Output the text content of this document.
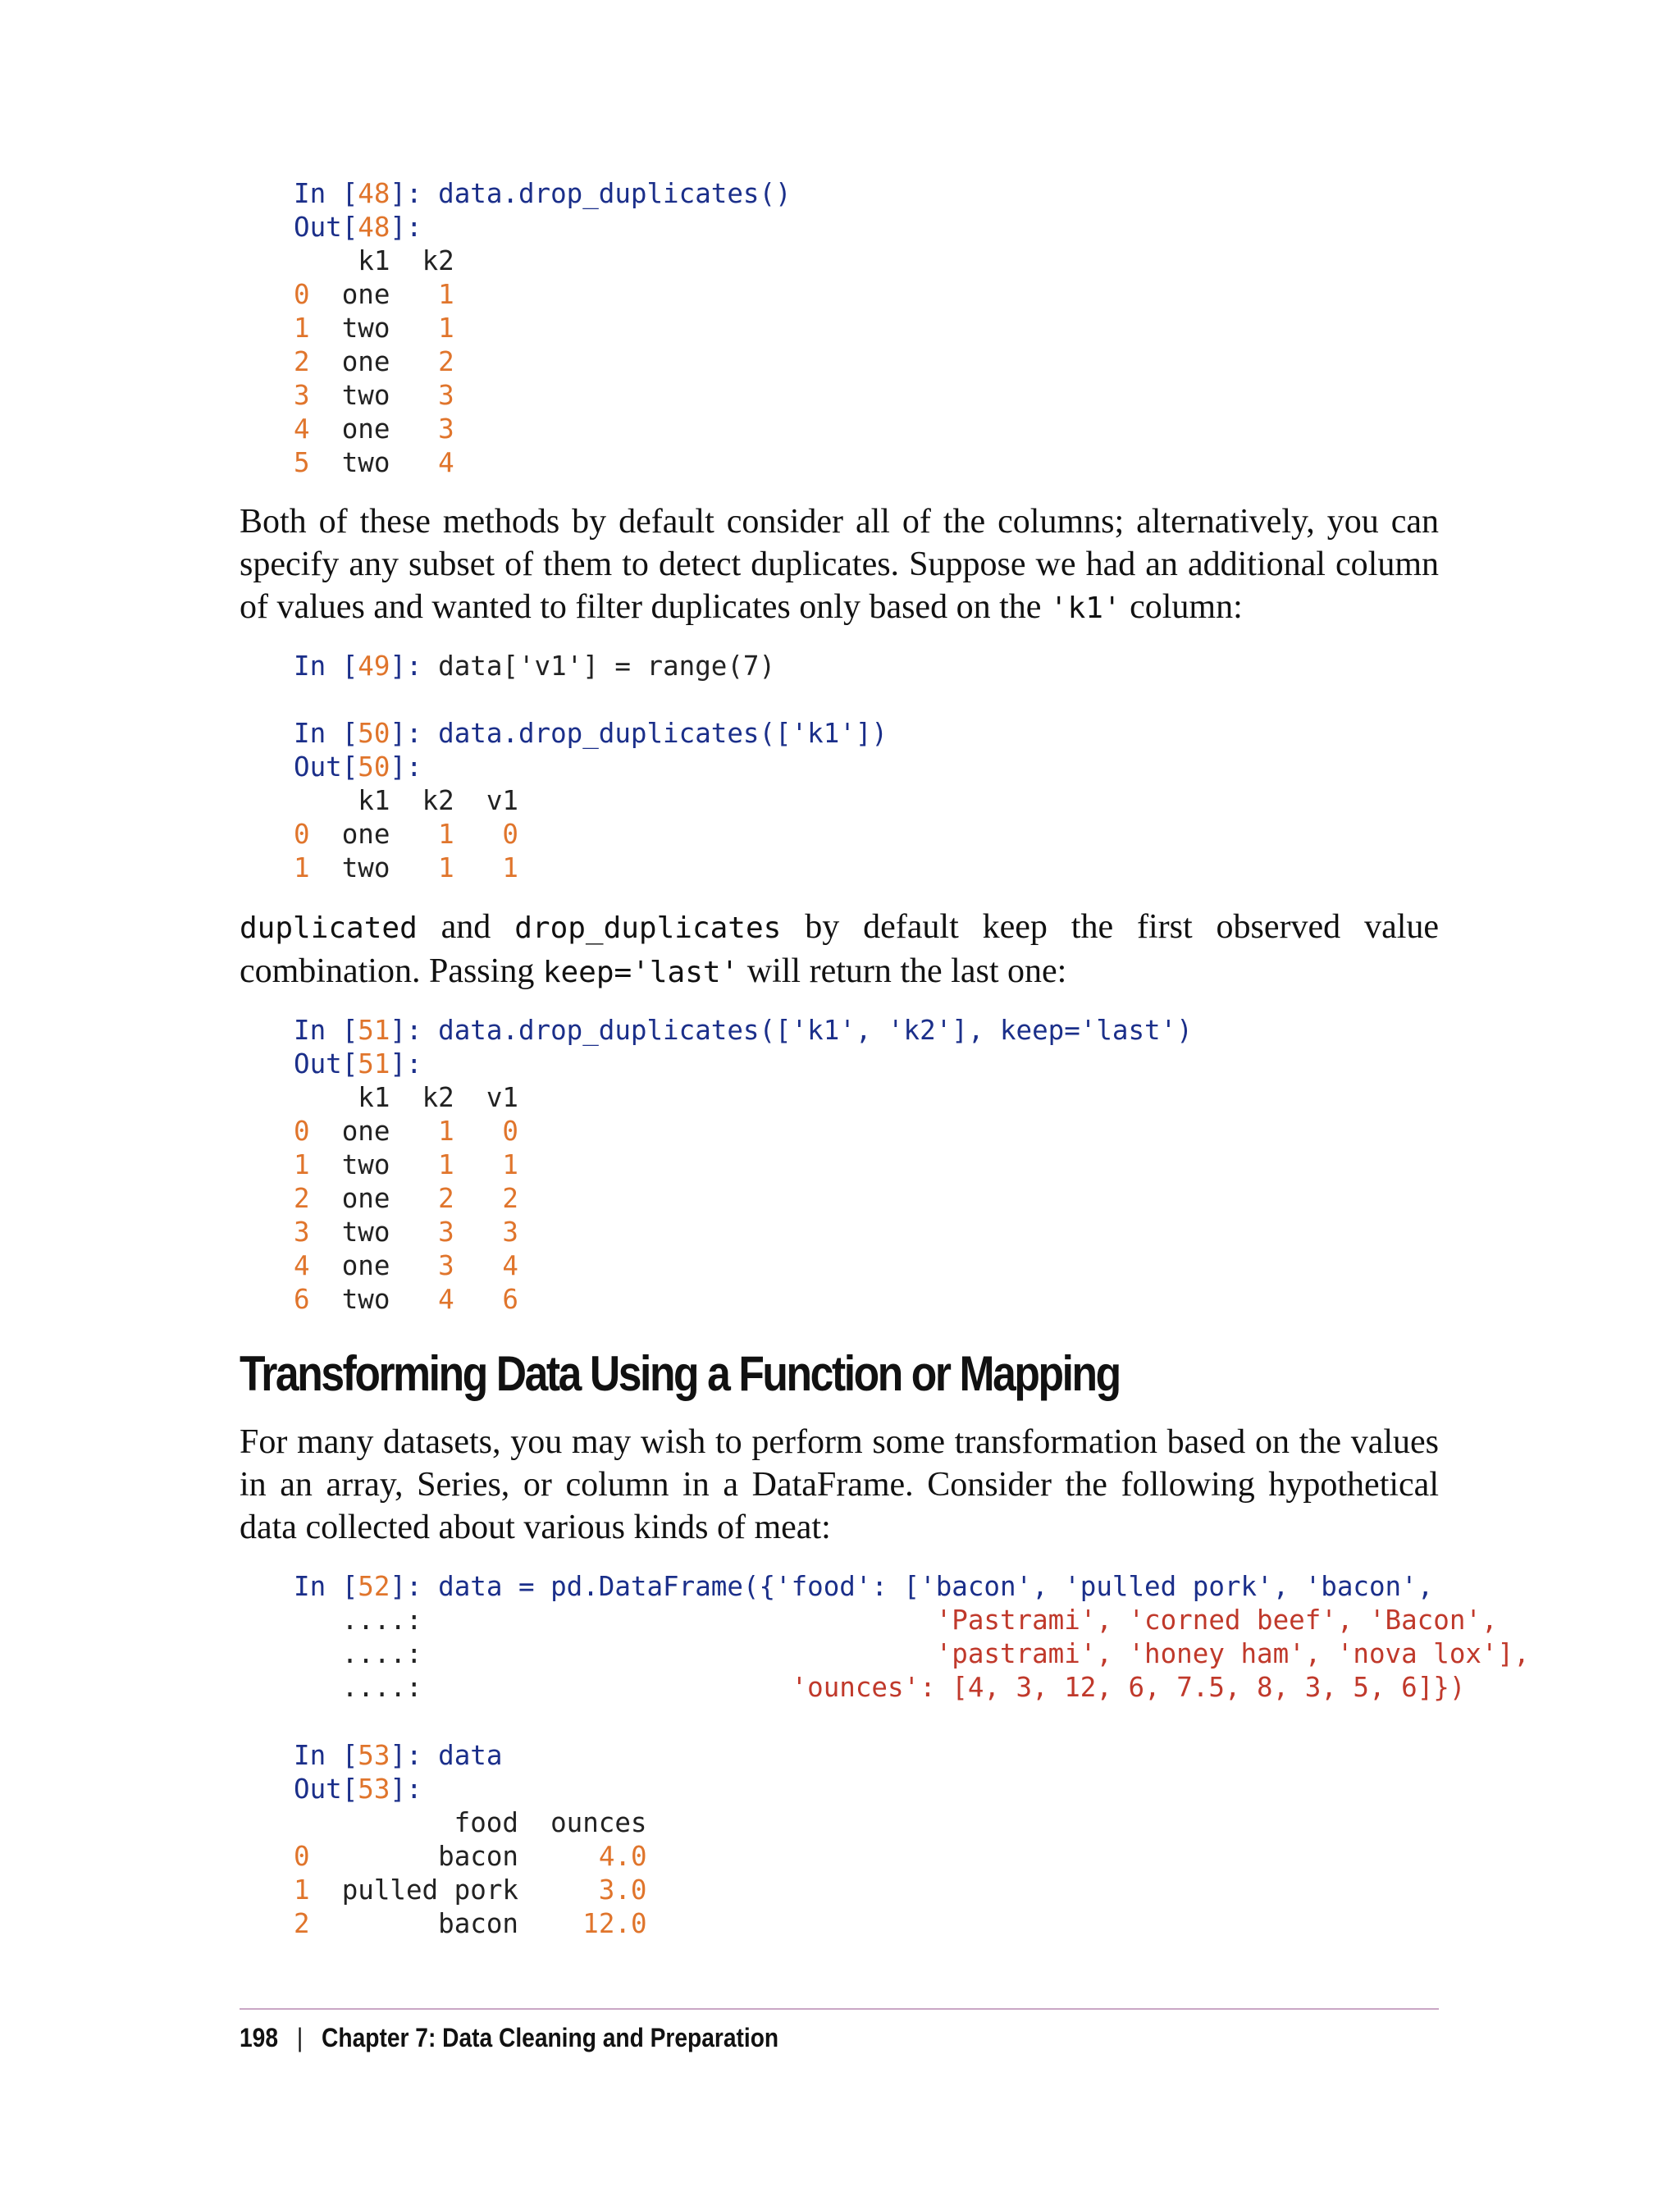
In [48]: data.drop_duplicates()
Out[48]:
k1 k2
0 one 1
1 two 1
2 one 2
3 two 3
4 one 3
5 two 4

Both of these methods by default consider all of the columns; alternatively, you can specify any subset of them to detect duplicates. Suppose we had an additional column of values and wanted to filter duplicates only based on the 'k1' column:

In [49]: data['v1'] = range(7)
In [50]: data.drop_duplicates(['k1'])
Out[50]:
k1 k2 v1
0 one 1 0
1 two 1 1

duplicated and drop_duplicates by default keep the first observed value combination. Passing keep='last' will return the last one:

In [51]: data.drop_duplicates(['k1', 'k2'], keep='last')
Out[51]:
k1 k2 v1
0 one 1 0
1 two 1 1
2 one 2 2
3 two 3 3
4 one 3 4
6 two 4 6
Transforming Data Using a Function or Mapping

For many datasets, you may wish to perform some transformation based on the values in an array, Series, or column in a DataFrame. Consider the following hypothetical data collected about various kinds of meat:

In [52]: data = pd.DataFrame({'food': ['bacon', 'pulled pork', 'bacon',
....:	'Pastrami', 'corned beef', 'Bacon',
....:	'pastrami', 'honey ham', 'nova lox'],
....:	'ounces': [4, 3, 12, 6, 7.5, 8, 3, 5, 6]})
In [53]: data
Out[53]:
food ounces
0	bacon	4.0
1 pulled pork	3.0
2	bacon 12.0
198 | Chapter 7: Data Cleaning and Preparation
